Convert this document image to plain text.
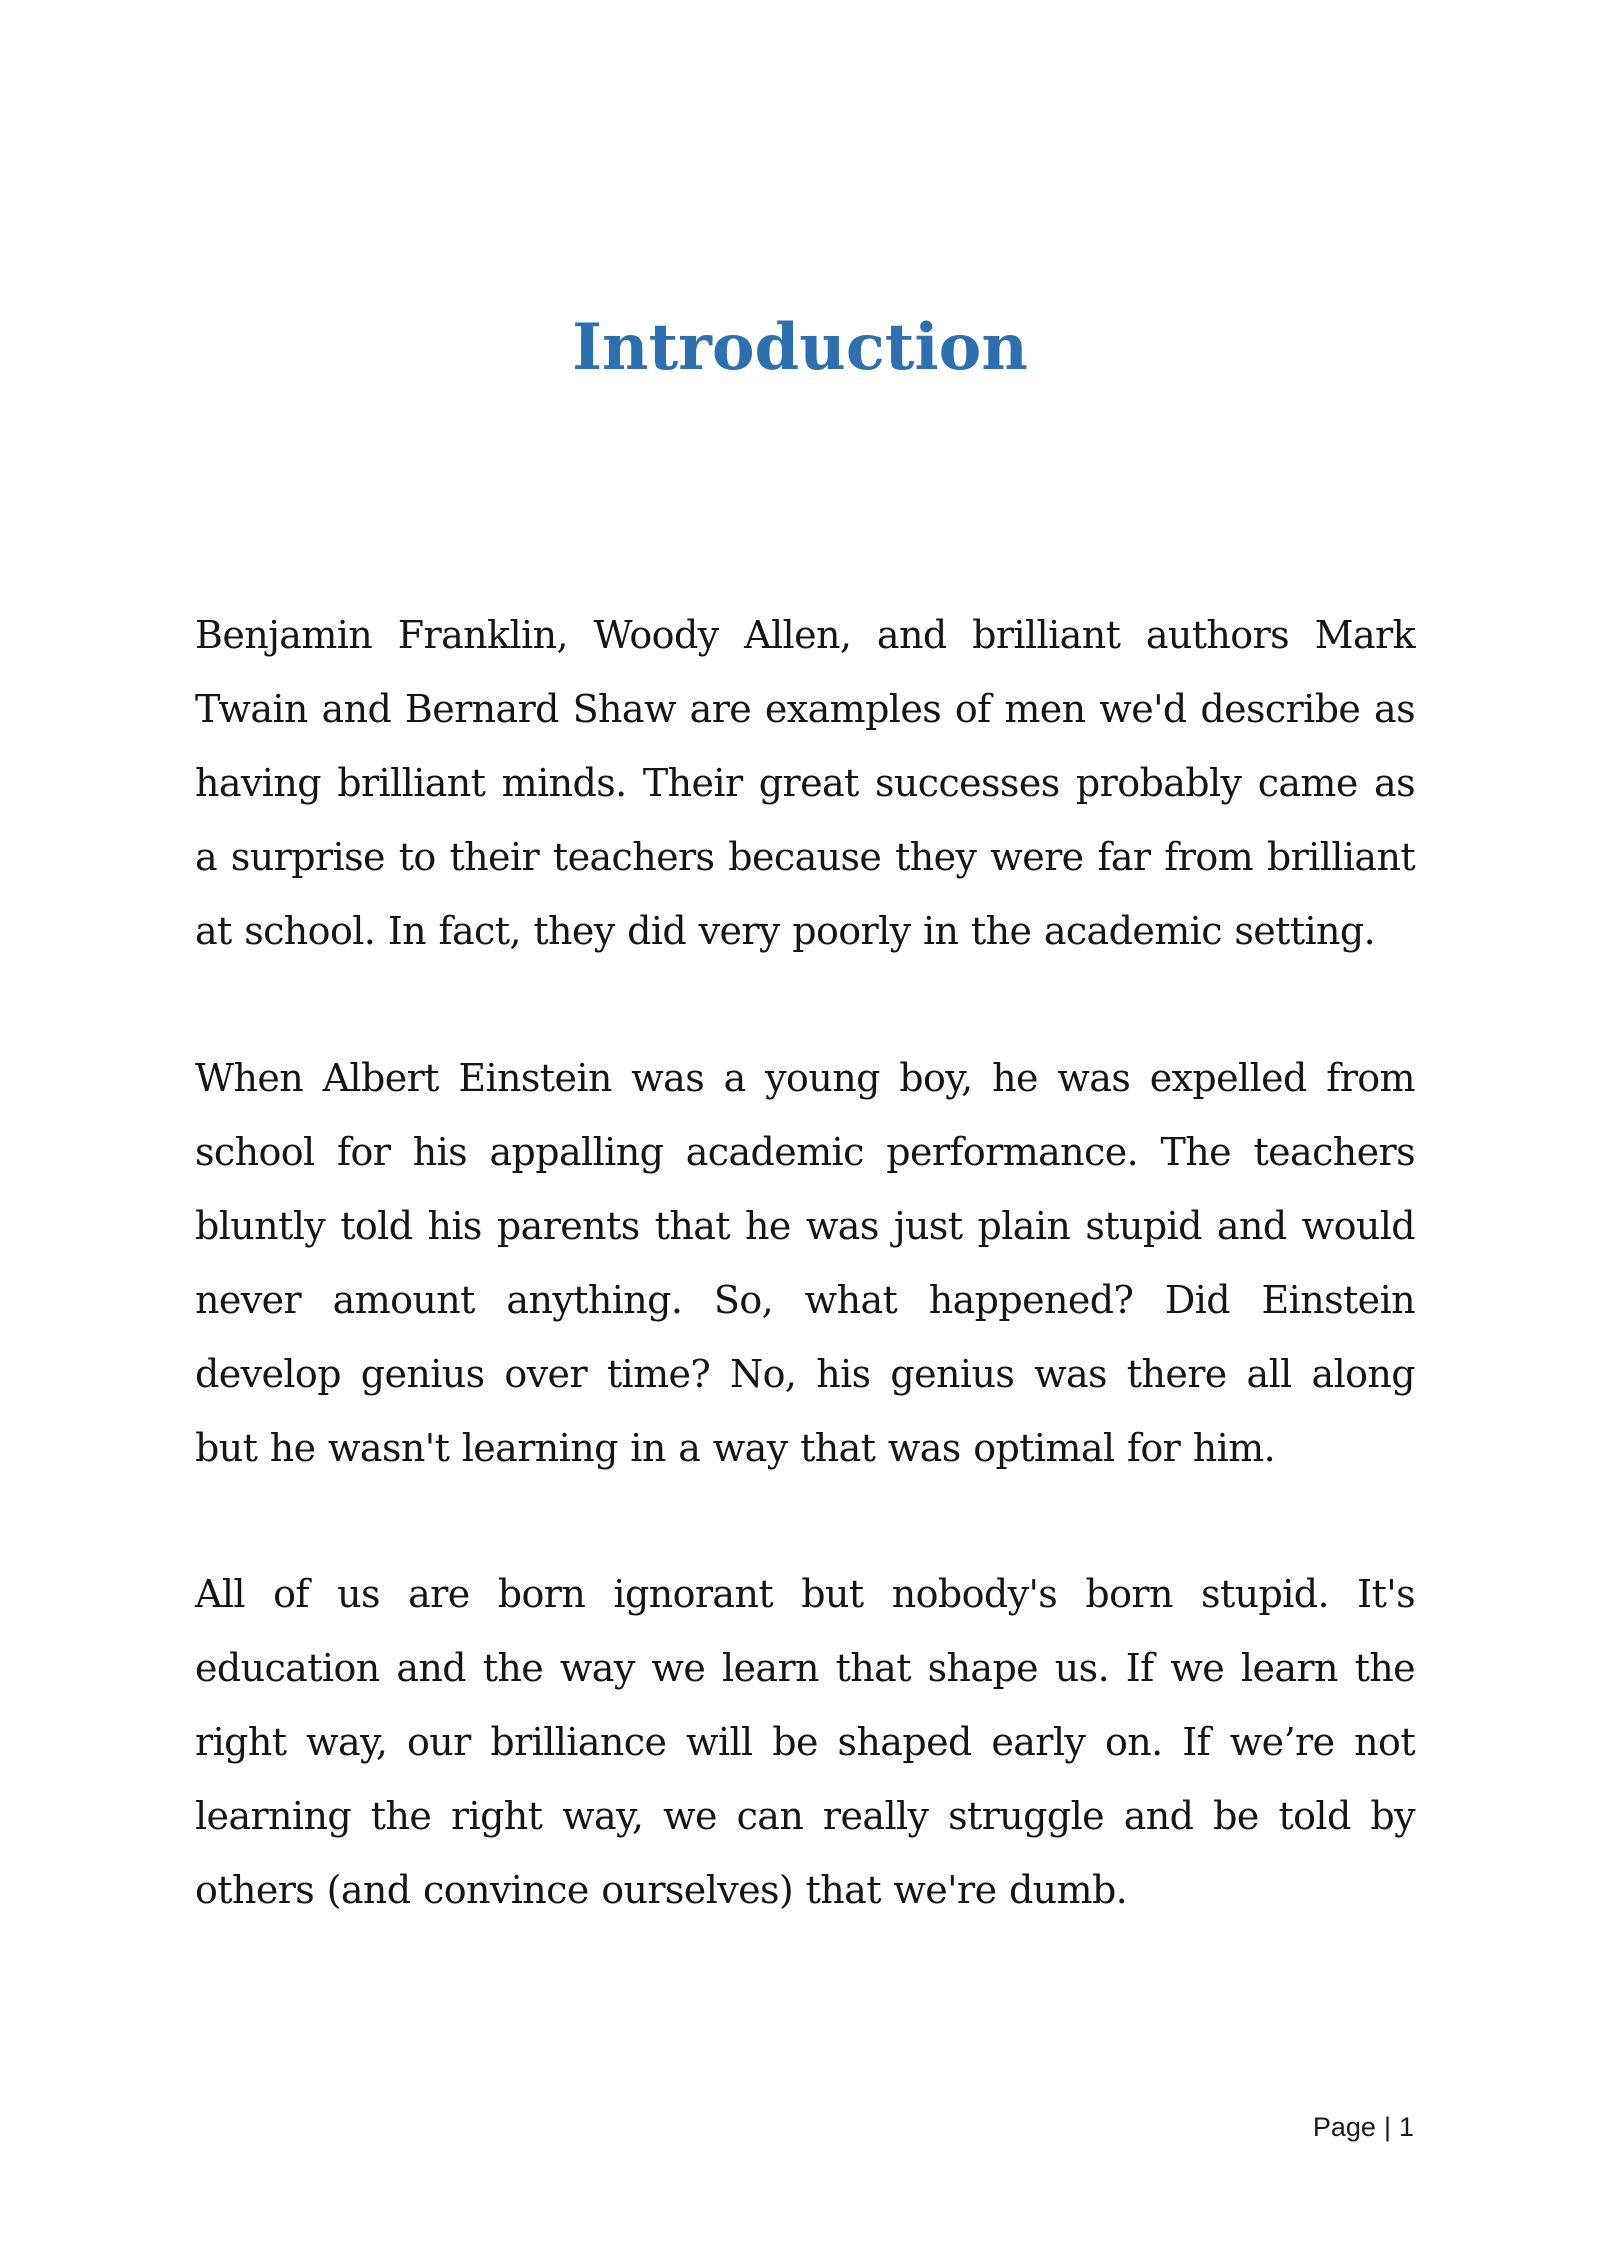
Introduction

Benjamin Franklin, Woody Allen, and brilliant authors Mark Twain and Bernard Shaw are examples of men we'd describe as having brilliant minds. Their great successes probably came as a surprise to their teachers because they were far from brilliant at school. In fact, they did very poorly in the academic setting.

When Albert Einstein was a young boy, he was expelled from school for his appalling academic performance. The teachers bluntly told his parents that he was just plain stupid and would never amount anything. So, what happened? Did Einstein develop genius over time? No, his genius was there all along but he wasn't learning in a way that was optimal for him.

All of us are born ignorant but nobody's born stupid. It's education and the way we learn that shape us. If we learn the right way, our brilliance will be shaped early on. If we’re not learning the right way, we can really struggle and be told by others (and convince ourselves) that we're dumb.

Page | 1
